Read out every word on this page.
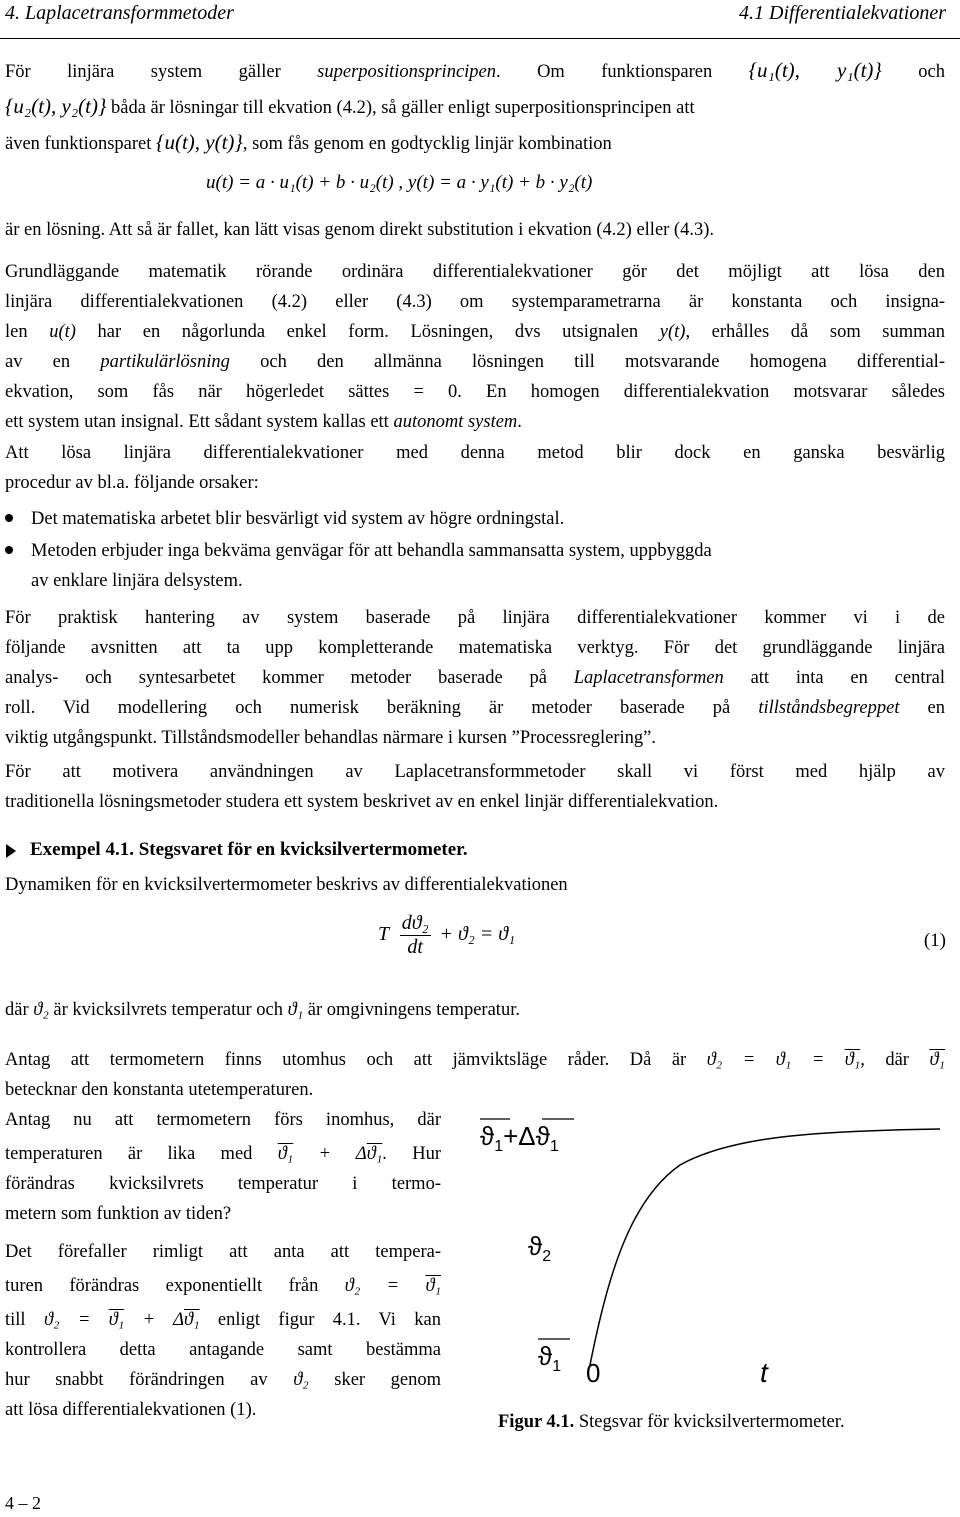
4. Laplacetransformmetoder	4.1 Differentialekvationer
För linjära system gäller superpositionsprincipen. Om funktionsparen {u₁(t), y₁(t)} och
{u₂(t), y₂(t)} båda är lösningar till ekvation (4.2), så gäller enligt superpositionsprincipen att
även funktionsparet {u(t), y(t)}, som fås genom en godtycklig linjär kombination
u(t) = a · u₁(t) + b · u₂(t) , y(t) = a · y₁(t) + b · y₂(t)
är en lösning. Att så är fallet, kan lätt visas genom direkt substitution i ekvation (4.2) eller (4.3).
Grundläggande matematik rörande ordinära differentialekvationer gör det möjligt att lösa den
linjära differentialekvationen (4.2) eller (4.3) om systemparametrarna är konstanta och insigna-
len u(t) har en någorlunda enkel form. Lösningen, dvs utsignalen y(t), erhålles då som summan
av en partikulärlösning och den allmänna lösningen till motsvarande homogena differential-
ekvation, som fås när högerledet sättes = 0. En homogen differentialekvation motsvarar således
ett system utan insignal. Ett sådant system kallas ett autonomt system.
Att lösa linjära differentialekvationer med denna metod blir dock en ganska besvärlig
procedur av bl.a. följande orsaker:
Det matematiska arbetet blir besvärligt vid system av högre ordningstal.
Metoden erbjuder inga bekväma genvägar för att behandla sammansatta system, uppbyggda
av enklare linjära delsystem.
För praktisk hantering av system baserade på linjära differentialekvationer kommer vi i de
följande avsnitten att ta upp kompletterande matematiska verktyg. För det grundläggande linjära
analys- och syntesarbetet kommer metoder baserade på Laplacetransformen att inta en central
roll. Vid modellering och numerisk beräkning är metoder baserade på tillståndsbegreppet en
viktig utgångspunkt. Tillståndsmodeller behandlas närmare i kursen ”Processreglering”.
För att motivera användningen av Laplacetransformmetoder skall vi först med hjälp av
traditionella lösningsmetoder studera ett system beskrivet av en enkel linjär differentialekvation.
Exempel 4.1. Stegsvaret för en kvicksilvertermometer.
Dynamiken för en kvicksilvertermometer beskrivs av differentialekvationen
T $\frac{\text{dϑ₂}}{dt} + ϑ_2 = ϑ_1$	(1)
där ϑ₂ är kvicksilvrets temperatur och ϑ₁ är omgivningens temperatur.
Antag att termometern finns utomhus och att jämviktsläge råder. Då är ϑ₂ = ϑ₁ = ϑ₁, där ϑ₁
betecknar den konstanta utetemperaturen.
Antag nu att termometern förs inomhus, där
temperaturen är lika med ϑ₁ + Δϑ₁. Hur
förändras kvicksilvrets temperatur i termo-
metern som funktion av tiden?
Det förefaller rimligt att anta att tempera-
turen förändras exponentiellt från ϑ₂ = ϑ₁
till ϑ₂ = ϑ₁ + Δϑ₁ enligt figur 4.1. Vi kan
kontrollera detta antagande samt bestämma
hur snabbt förändringen av ϑ₂ sker genom
att lösa differentialekvationen (1).
$ϑ_1+\Delta ϑ_1$
$ϑ_2$
$ϑ_1$ 0	t
Figur 4.1. Stegsvar för kvicksilvertermometer.
4 – 2
